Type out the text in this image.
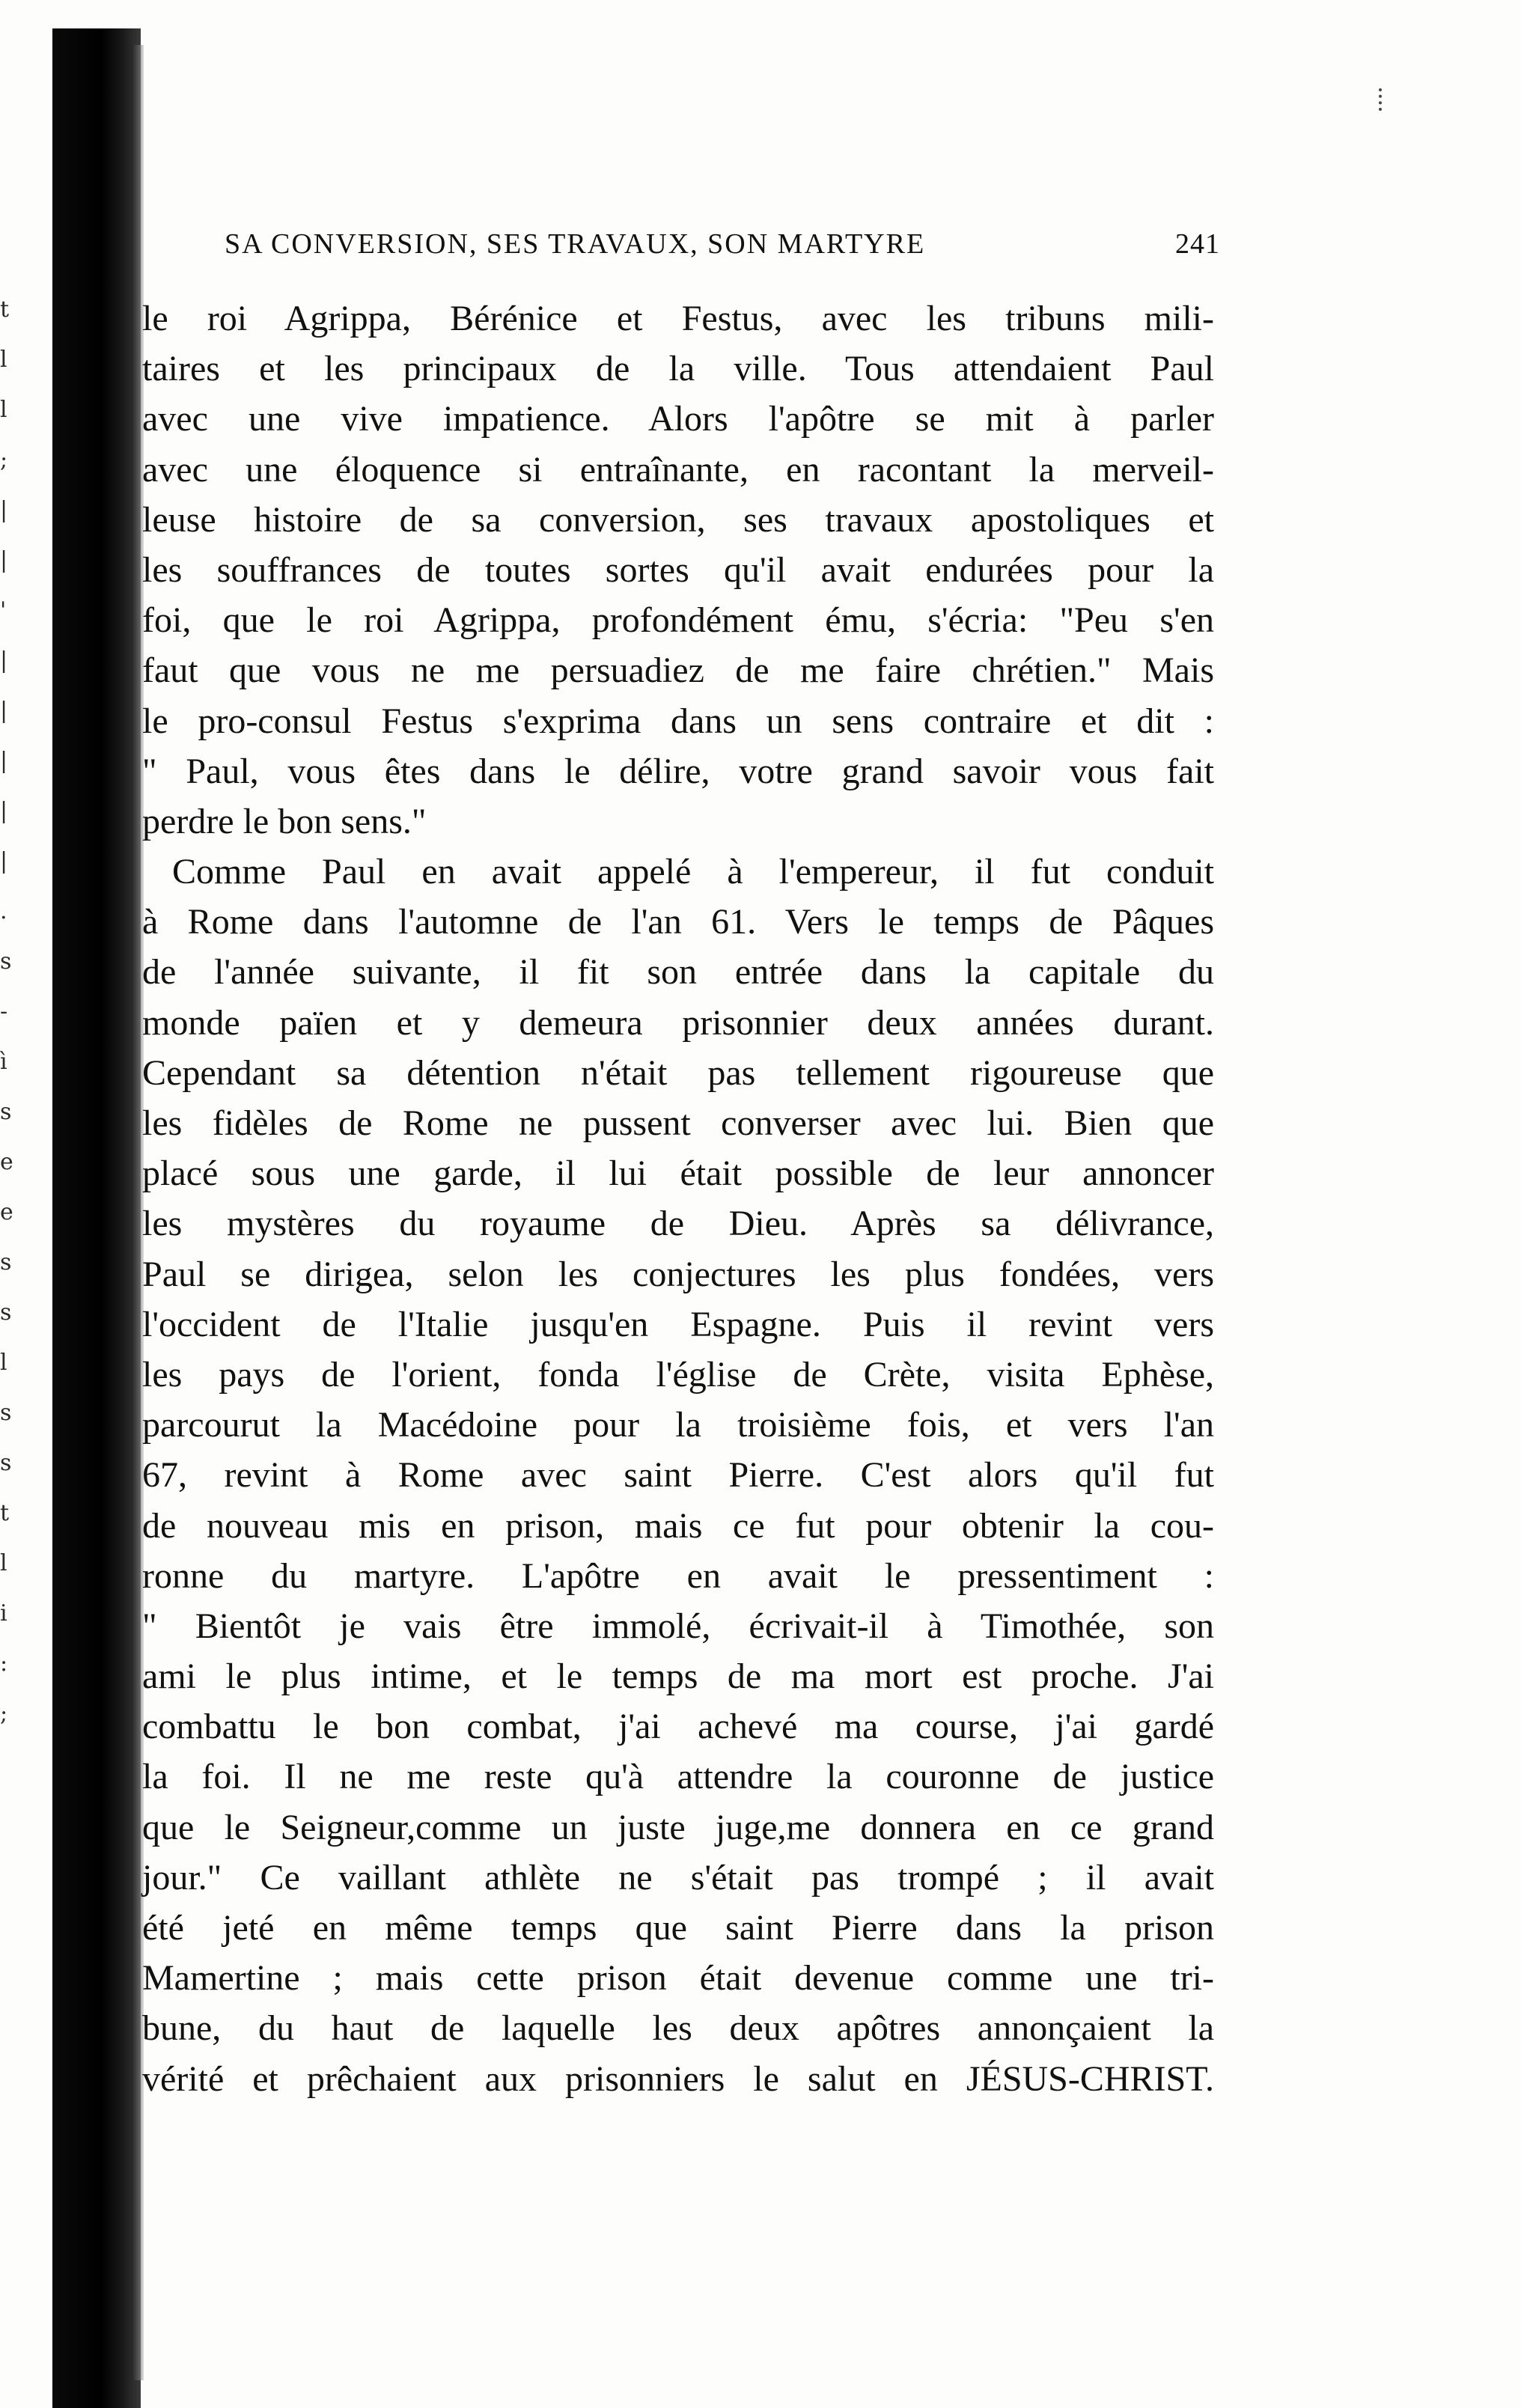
t
l
l
;
|
|
'
|
|
|
|
|
.
s
-
ì
s
e
e
s
s
l
s
s
t
l
i
:
;
SA CONVERSION, SES TRAVAUX, SON MARTYRE	241
le roi Agrippa, Bérénice et Festus, avec les tribuns mili-
taires et les principaux de la ville. Tous attendaient Paul
avec une vive impatience. Alors l'apôtre se mit à parler
avec une éloquence si entraînante, en racontant la merveil-
leuse histoire de sa conversion, ses travaux apostoliques et
les souffrances de toutes sortes qu'il avait endurées pour la
foi, que le roi Agrippa, profondément ému, s'écria: "Peu s'en
faut que vous ne me persuadiez de me faire chrétien." Mais
le pro-consul Festus s'exprima dans un sens contraire et dit :
" Paul, vous êtes dans le délire, votre grand savoir vous fait
perdre le bon sens."
Comme Paul en avait appelé à l'empereur, il fut conduit
à Rome dans l'automne de l'an 61. Vers le temps de Pâques
de l'année suivante, il fit son entrée dans la capitale du
monde païen et y demeura prisonnier deux années durant.
Cependant sa détention n'était pas tellement rigoureuse que
les fidèles de Rome ne pussent converser avec lui. Bien que
placé sous une garde, il lui était possible de leur annoncer
les mystères du royaume de Dieu. Après sa délivrance,
Paul se dirigea, selon les conjectures les plus fondées, vers
l'occident de l'Italie jusqu'en Espagne. Puis il revint vers
les pays de l'orient, fonda l'église de Crète, visita Ephèse,
parcourut la Macédoine pour la troisième fois, et vers l'an
67, revint à Rome avec saint Pierre. C'est alors qu'il fut
de nouveau mis en prison, mais ce fut pour obtenir la cou-
ronne du martyre. L'apôtre en avait le pressentiment :
" Bientôt je vais être immolé, écrivait-il à Timothée, son
ami le plus intime, et le temps de ma mort est proche. J'ai
combattu le bon combat, j'ai achevé ma course, j'ai gardé
la foi. Il ne me reste qu'à attendre la couronne de justice
que le Seigneur,comme un juste juge,me donnera en ce grand
jour." Ce vaillant athlète ne s'était pas trompé ; il avait
été jeté en même temps que saint Pierre dans la prison
Mamertine ; mais cette prison était devenue comme une tri-
bune, du haut de laquelle les deux apôtres annonçaient la
vérité et prêchaient aux prisonniers le salut en JÉSUS-CHRIST.
